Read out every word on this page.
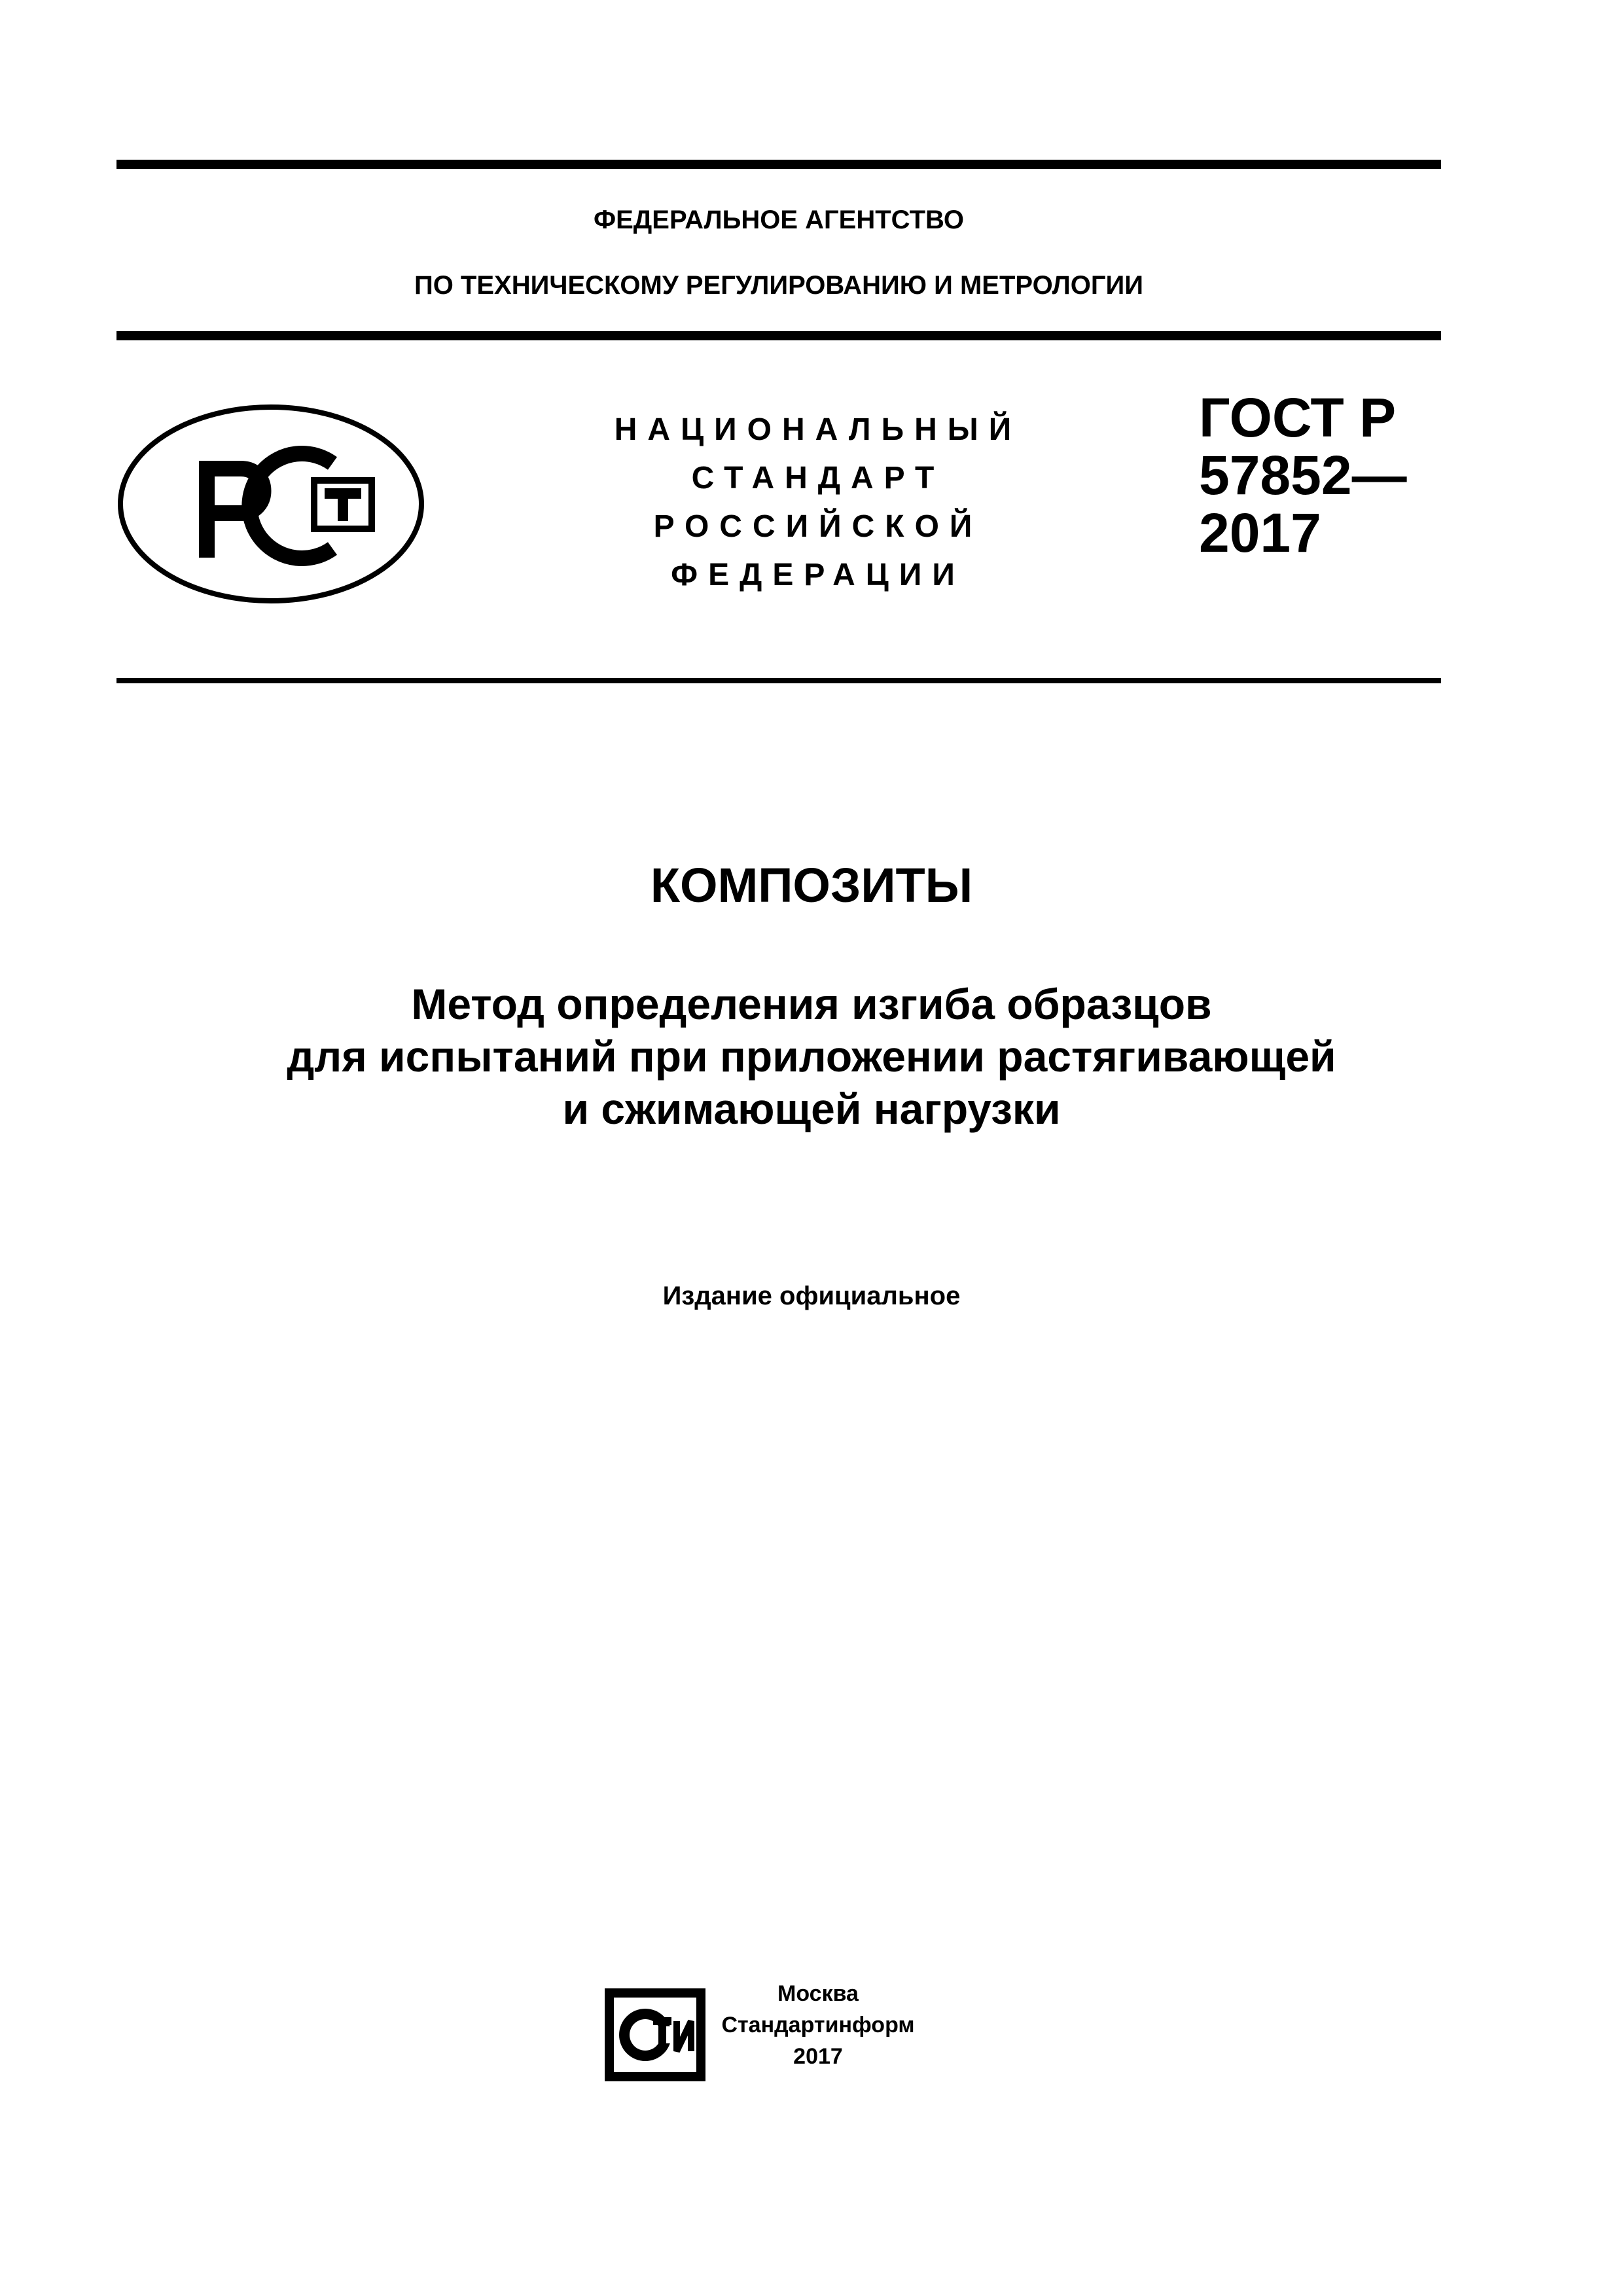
ФЕДЕРАЛЬНОЕ АГЕНТСТВО
ПО ТЕХНИЧЕСКОМУ РЕГУЛИРОВАНИЮ И МЕТРОЛОГИИ
НАЦИОНАЛЬНЫЙ
СТАНДАРТ
РОССИЙСКОЙ
ФЕДЕРАЦИИ
ГОСТ Р
57852—
2017
КОМПОЗИТЫ
Метод определения изгиба образцов
для испытаний при приложении растягивающей
и сжимающей нагрузки
Издание официальное
Москва
Стандартинформ
2017
